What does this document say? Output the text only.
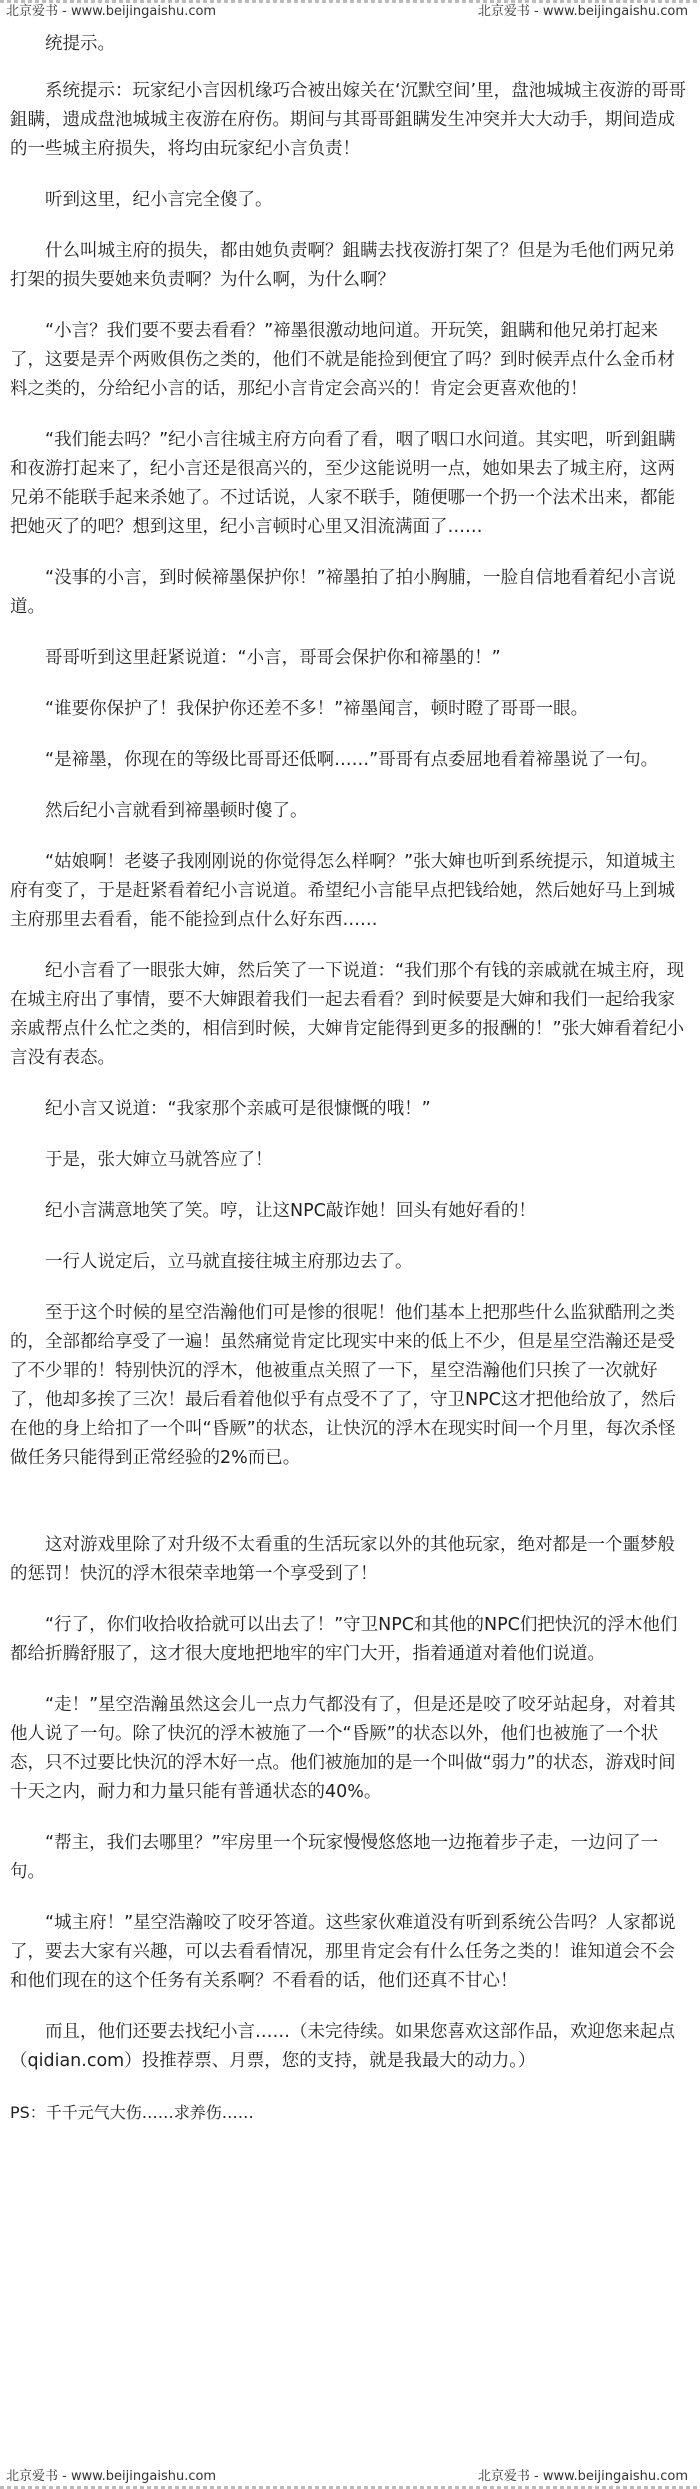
北京爱书 - www.beijingaishu.com	北京爱书 - www.beijingaishu.com

统提示。

系统提示：玩家纪小言因机缘巧合被出嫁关在‘沉默空间’里，盘池城城主夜游的哥哥鉏瞒，遗成盘池城城主夜游在府伤。期间与其哥哥鉏瞒发生冲突并大大动手，期间造成的一些城主府损失，将均由玩家纪小言负责！

听到这里，纪小言完全傻了。

什么叫城主府的损失，都由她负责啊？鉏瞒去找夜游打架了？但是为毛他们两兄弟打架的损失要她来负责啊？为什么啊，为什么啊？

“小言？我们要不要去看看？”禘墨很激动地问道。开玩笑，鉏瞒和他兄弟打起来了，这要是弄个两败俱伤之类的，他们不就是能捡到便宜了吗？到时候弄点什么金币材料之类的，分给纪小言的话，那纪小言肯定会高兴的！肯定会更喜欢他的！

“我们能去吗？”纪小言往城主府方向看了看，咽了咽口水问道。其实吧，听到鉏瞒和夜游打起来了，纪小言还是很高兴的，至少这能说明一点，她如果去了城主府，这两兄弟不能联手起来杀她了。不过话说，人家不联手，随便哪一个扔一个法术出来，都能把她灭了的吧？想到这里，纪小言顿时心里又泪流满面了……

“没事的小言，到时候禘墨保护你！”禘墨拍了拍小胸脯，一脸自信地看着纪小言说道。

哥哥听到这里赶紧说道：“小言，哥哥会保护你和禘墨的！”

“谁要你保护了！我保护你还差不多！”禘墨闻言，顿时瞪了哥哥一眼。

“是禘墨，你现在的等级比哥哥还低啊……”哥哥有点委屈地看着禘墨说了一句。

然后纪小言就看到禘墨顿时傻了。

“姑娘啊！老婆子我刚刚说的你觉得怎么样啊？”张大婶也听到系统提示，知道城主府有变了，于是赶紧看着纪小言说道。希望纪小言能早点把钱给她，然后她好马上到城主府那里去看看，能不能捡到点什么好东西……

纪小言看了一眼张大婶，然后笑了一下说道：“我们那个有钱的亲戚就在城主府，现在城主府出了事情，要不大婶跟着我们一起去看看？到时候要是大婶和我们一起给我家亲戚帮点什么忙之类的，相信到时候，大婶肯定能得到更多的报酬的！”张大婶看着纪小言没有表态。

纪小言又说道：“我家那个亲戚可是很慷慨的哦！”

于是，张大婶立马就答应了！

纪小言满意地笑了笑。哼，让这NPC敲诈她！回头有她好看的！

一行人说定后，立马就直接往城主府那边去了。

至于这个时候的星空浩瀚他们可是惨的很呢！他们基本上把那些什么监狱酷刑之类的，全部都给享受了一遍！虽然痛觉肯定比现实中来的低上不少，但是星空浩瀚还是受了不少罪的！特别快沉的浮木，他被重点关照了一下，星空浩瀚他们只挨了一次就好了，他却多挨了三次！最后看着他似乎有点受不了了，守卫NPC这才把他给放了，然后在他的身上给扣了一个叫“昏厥”的状态，让快沉的浮木在现实时间一个月里，每次杀怪做任务只能得到正常经验的2%而已。

这对游戏里除了对升级不太看重的生活玩家以外的其他玩家，绝对都是一个噩梦般的惩罚！快沉的浮木很荣幸地第一个享受到了！

“行了，你们收拾收拾就可以出去了！”守卫NPC和其他的NPC们把快沉的浮木他们都给折腾舒服了，这才很大度地把地牢的牢门大开，指着通道对着他们说道。

“走！”星空浩瀚虽然这会儿一点力气都没有了，但是还是咬了咬牙站起身，对着其他人说了一句。除了快沉的浮木被施了一个“昏厥”的状态以外，他们也被施了一个状态，只不过要比快沉的浮木好一点。他们被施加的是一个叫做“弱力”的状态，游戏时间十天之内，耐力和力量只能有普通状态的40%。

“帮主，我们去哪里？”牢房里一个玩家慢慢悠悠地一边拖着步子走，一边问了一句。

“城主府！”星空浩瀚咬了咬牙答道。这些家伙难道没有听到系统公告吗？人家都说了，要去大家有兴趣，可以去看看情况，那里肯定会有什么任务之类的！谁知道会不会和他们现在的这个任务有关系啊？不看看的话，他们还真不甘心！

而且，他们还要去找纪小言……（未完待续。如果您喜欢这部作品，欢迎您来起点（qidian.com）投推荐票、月票，您的支持，就是我最大的动力。）

PS：千千元气大伤……求养伤……

北京爱书 - www.beijingaishu.com	北京爱书 - www.beijingaishu.com
